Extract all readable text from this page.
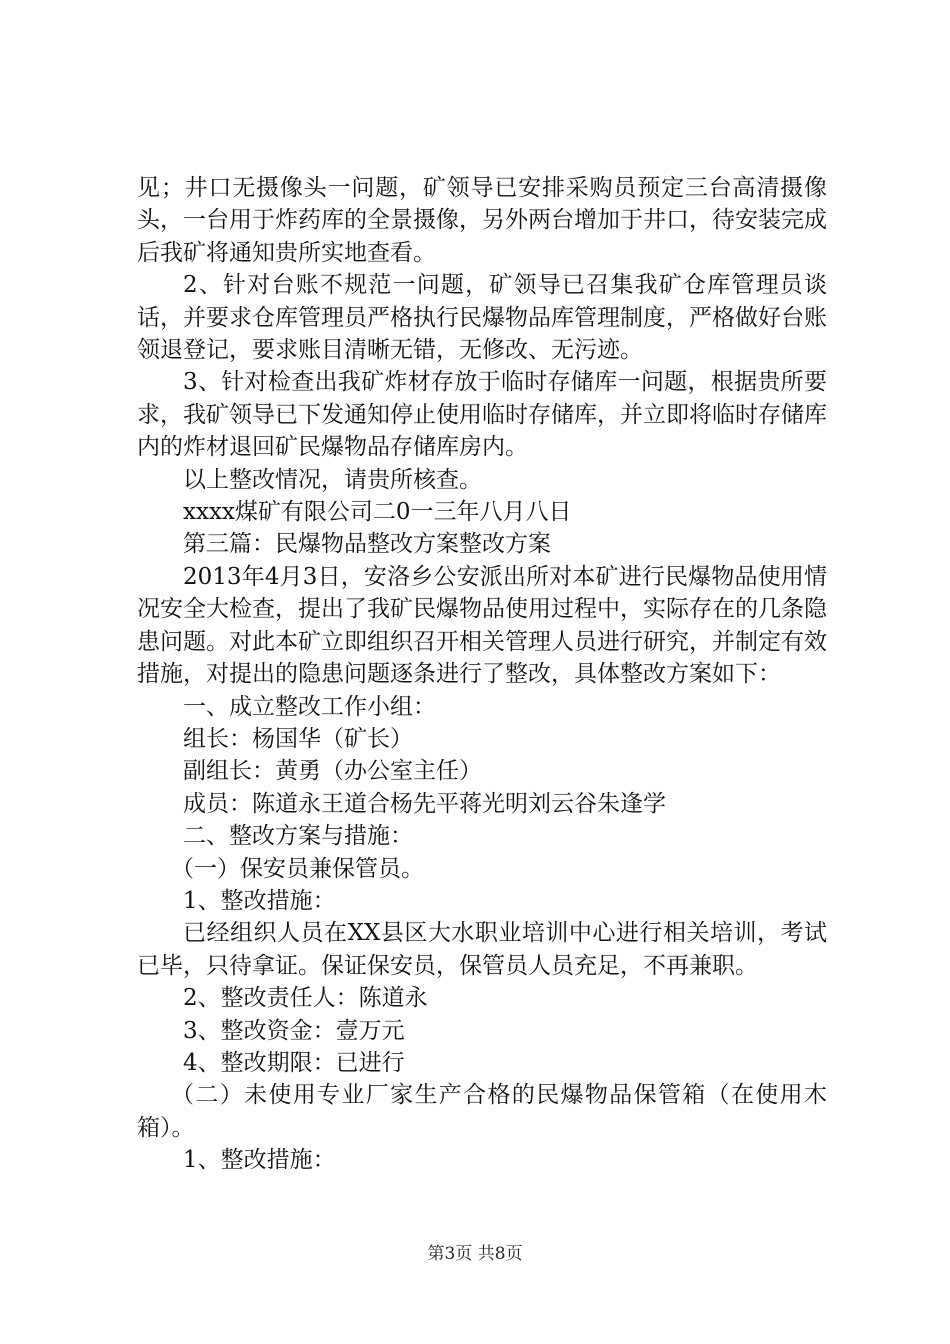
见；井口无摄像头一问题，矿领导已安排采购员预定三台高清摄像头，一台用于炸药库的全景摄像，另外两台增加于井口，待安装完成后我矿将通知贵所实地查看。

2、针对台账不规范一问题，矿领导已召集我矿仓库管理员谈话，并要求仓库管理员严格执行民爆物品库管理制度，严格做好台账领退登记，要求账目清晰无错，无修改、无污迹。

3、针对检查出我矿炸材存放于临时存储库一问题，根据贵所要求，我矿领导已下发通知停止使用临时存储库，并立即将临时存储库内的炸材退回矿民爆物品存储库房内。

以上整改情况，请贵所核查。

xxxx煤矿有限公司二0一三年八月八日

第三篇：民爆物品整改方案整改方案

2013年4月3日，安洛乡公安派出所对本矿进行民爆物品使用情况安全大检查，提出了我矿民爆物品使用过程中，实际存在的几条隐患问题。对此本矿立即组织召开相关管理人员进行研究，并制定有效措施，对提出的隐患问题逐条进行了整改，具体整改方案如下：

一、成立整改工作小组：

组长：杨国华（矿长）

副组长：黄勇（办公室主任）

成员：陈道永王道合杨先平蒋光明刘云谷朱逢学

二、整改方案与措施：

（一）保安员兼保管员。

1、整改措施：

已经组织人员在XX县区大水职业培训中心进行相关培训，考试已毕，只待拿证。保证保安员，保管员人员充足，不再兼职。

2、整改责任人：陈道永

3、整改资金：壹万元

4、整改期限：已进行

（二）未使用专业厂家生产合格的民爆物品保管箱（在使用木箱）。

1、整改措施：

第3页 共8页
